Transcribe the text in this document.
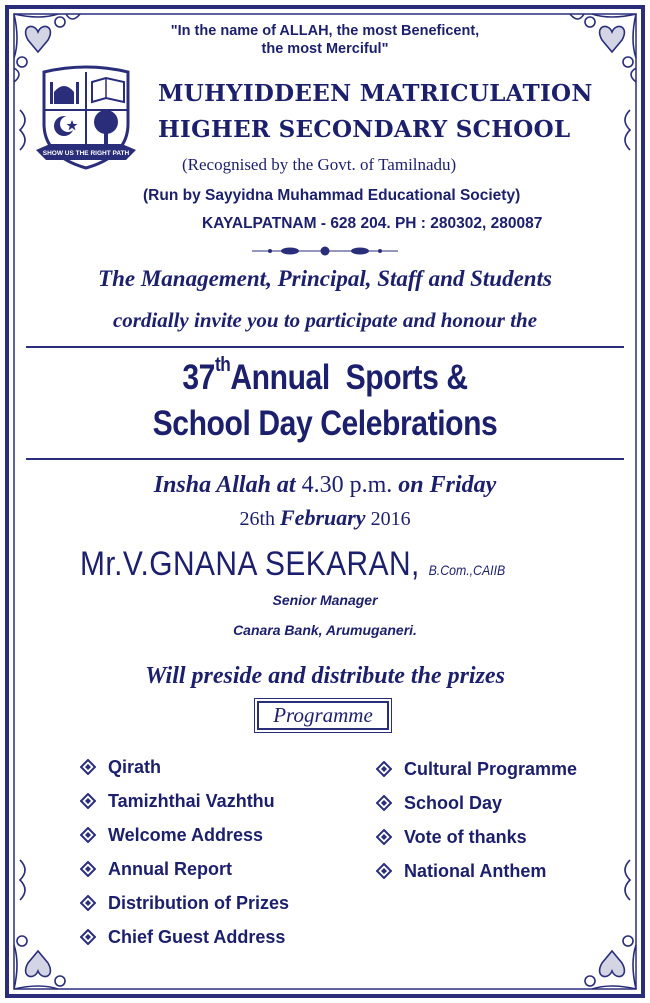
"In the name of ALLAH, the most Beneficent, the most Merciful"
SHOW US THE RIGHT PATH
MUHYIDDEEN MATRICULATION
HIGHER SECONDARY SCHOOL
(Recognised by the Govt. of Tamilnadu)
(Run by Sayyidna Muhammad Educational Society)
KAYALPATNAM - 628 204. PH : 280302, 280087
The Management, Principal, Staff and Students
cordially invite you to participate and honour the
37thAnnual  Sports &
School Day Celebrations
Insha Allah at 4.30 p.m. on Friday
26th February 2016
Mr.V.GNANA SEKARAN, B.Com.,CAIIB
Senior Manager
Canara Bank, Arumuganeri.
Will preside and distribute the prizes
Programme
Qirath
Tamizhthai Vazhthu
Welcome Address
Annual Report
Distribution of Prizes
Chief Guest Address
Cultural Programme
School Day
Vote of thanks
National Anthem
